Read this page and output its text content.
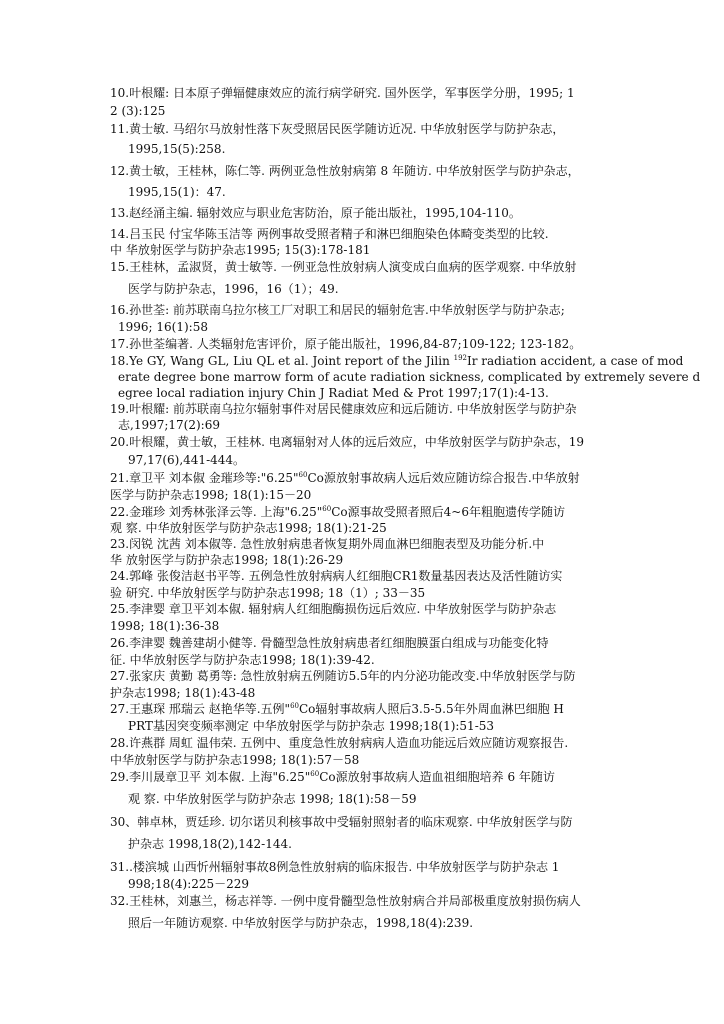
10.叶根耀: 日本原子弹辐健康效应的流行病学研究. 国外医学，军事医学分册，1995; 1
2 (3):125
11.黄士敏. 马绍尔马放射性落下灰受照居民医学随访近况. 中华放射医学与防护杂志，
1995,15(5):258.
12.黄士敏，王桂林，陈仁等. 两例亚急性放射病第 8 年随访. 中华放射医学与防护杂志，
1995,15(1)：47.
13.赵经涌主编. 辐射效应与职业危害防治，原子能出版社，1995,104-110。
14.吕玉民 付宝华陈玉洁等 两例事故受照者精子和淋巴细胞染色体畸变类型的比较.
中 华放射医学与防护杂志1995; 15(3):178-181
15.王桂林，孟淑贤，黄士敏等. 一例亚急性放射病人演变成白血病的医学观察. 中华放射
医学与防护杂志，1996，16（1）；49.
16.孙世荃: 前苏联南乌拉尔核工厂对职工和居民的辐射危害.中华放射医学与防护杂志;
1996; 16(1):58
17.孙世荃编著. 人类辐射危害评价，原子能出版社，1996,84-87;109-122; 123-182。
18.Ye GY, Wang GL, Liu QL et al. Joint report of the Jilin $^{192}$Ir radiation accident, a case of mod
erate degree bone marrow form of acute radiation sickness, complicated by extremely severe d
egree local radiation injury Chin J Radiat Med & Prot 1997;17(1):4-13.
19.叶根耀: 前苏联南乌拉尔辐射事件对居民健康效应和远后随访. 中华放射医学与防护杂
志,1997;17(2):69
20.叶根耀，黄士敏，王桂林. 电离辐射对人体的远后效应，中华放射医学与防护杂志，19
97,17(6),441-444。
21.章卫平 刘本俶 金璀珍等:"6.25"$^{60}$Co源放射事故病人远后效应随访综合报告.中华放射
医学与防护杂志1998; 18(1):15－20
22.金璀珍 刘秀林张泽云等. 上海"6.25"$^{60}$Co源事故受照者照后4~6年粗胞遗传学随访
观 察. 中华放射医学与防护杂志1998; 18(1):21-25
23.闵锐 沈茜 刘本俶等. 急性放射病患者恢复期外周血淋巴细胞表型及功能分析.中
华 放射医学与防护杂志1998; 18(1):26-29
24.郭峰 张俊洁赵书平等. 五例急性放射病病人红细胞CR1数量基因表达及活性随访实
验 研究. 中华放射医学与防护杂志1998; 18（1）; 33－35
25.李津婴 章卫平刘本俶. 辐射病人红细胞酶损伤远后效应. 中华放射医学与防护杂志
1998; 18(1):36-38
26.李津婴 魏善建胡小健等. 骨髓型急性放射病患者红细胞膜蛋白组成与功能变化特
征. 中华放射医学与防护杂志1998; 18(1):39-42.
27.张家庆 黄勤 葛勇等: 急性放射病五例随访5.5年的内分泌功能改变.中华放射医学与防
护杂志1998; 18(1):43-48
27.王惠琛 邢瑞云 赵艳华等.五例"$^{60}$Co辐射事故病人照后3.5-5.5年外周血淋巴细胞 H
PRT基因突变频率测定 中华放射医学与防护杂志 1998;18(1):51-53
28.许燕群 周虹 温伟荣. 五例中、重度急性放射病病人造血功能远后效应随访观察报告.
中华放射医学与防护杂志1998; 18(1):57－58
29.李川晟章卫平 刘本俶. 上海"6.25"$^{60}$Co源放射事故病人造血祖细胞培养 6 年随访
观 察. 中华放射医学与防护杂志 1998; 18(1):58－59
30、韩卓林，贾廷珍. 切尔诺贝利核事故中受辐射照射者的临床观察. 中华放射医学与防
护杂志 1998,18(2),142-144.
31..楼滨城 山西忻州辐射事故8例急性放射病的临床报告. 中华放射医学与防护杂志 1
998;18(4):225－229
32.王桂林，刘惠兰，杨志祥等. 一例中度骨髓型急性放射病合并局部极重度放射损伤病人
照后一年随访观察. 中华放射医学与防护杂志，1998,18(4):239.
